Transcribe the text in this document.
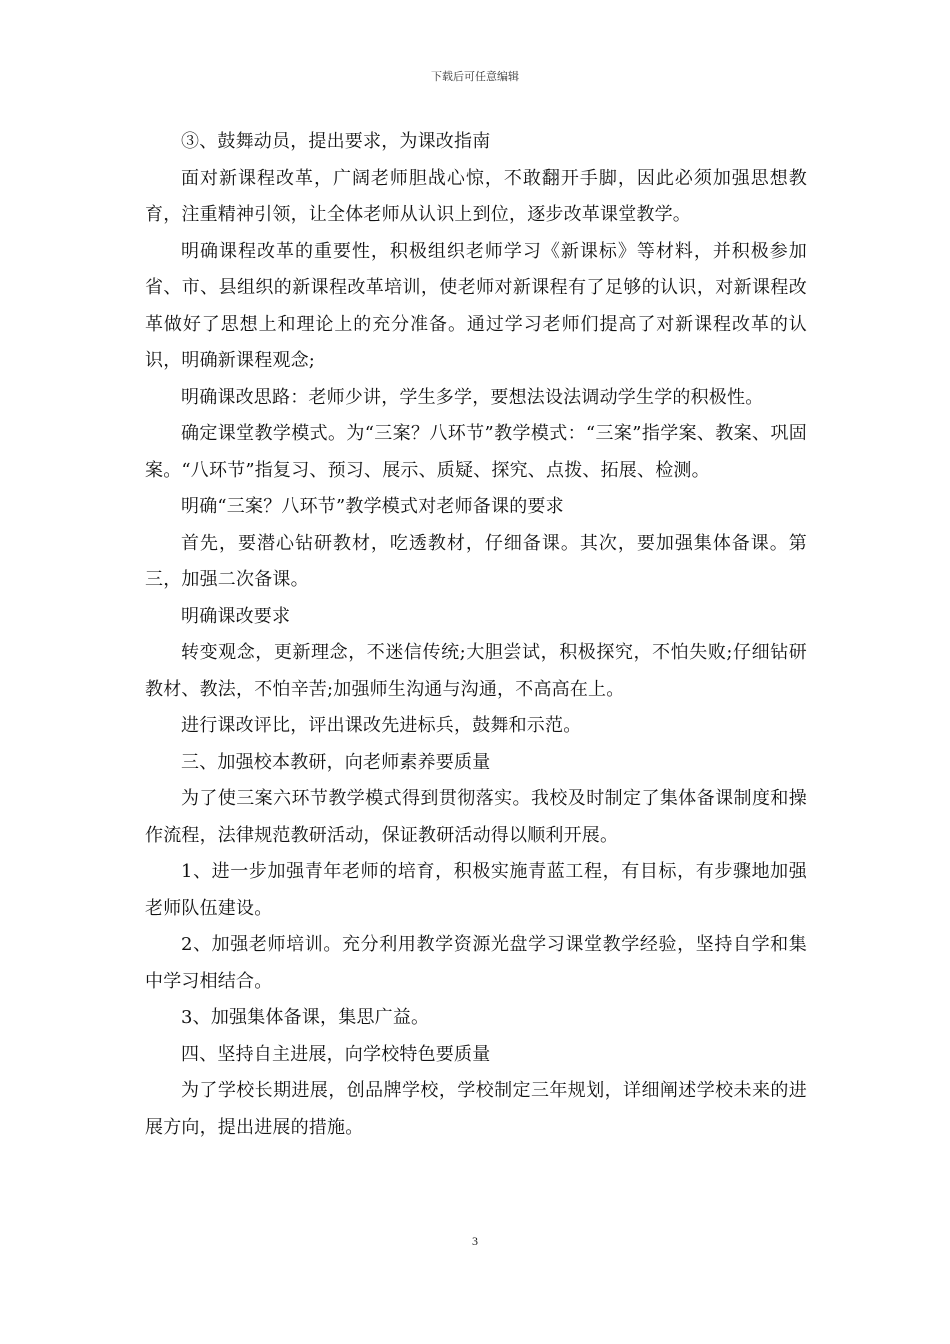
下载后可任意编辑

③、鼓舞动员，提出要求，为课改指南

面对新课程改革，广阔老师胆战心惊，不敢翻开手脚，因此必须加强思想教育，注重精神引领，让全体老师从认识上到位，逐步改革课堂教学。

明确课程改革的重要性，积极组织老师学习《新课标》等材料，并积极参加省、市、县组织的新课程改革培训，使老师对新课程有了足够的认识，对新课程改革做好了思想上和理论上的充分准备。通过学习老师们提高了对新课程改革的认识，明确新课程观念;

明确课改思路：老师少讲，学生多学，要想法设法调动学生学的积极性。

确定课堂教学模式。为“三案？八环节”教学模式：“三案”指学案、教案、巩固案。“八环节”指复习、预习、展示、质疑、探究、点拨、拓展、检测。

明确“三案？八环节”教学模式对老师备课的要求

首先，要潜心钻研教材，吃透教材，仔细备课。其次，要加强集体备课。第三，加强二次备课。

明确课改要求

转变观念，更新理念，不迷信传统;大胆尝试，积极探究，不怕失败;仔细钻研教材、教法，不怕辛苦;加强师生沟通与沟通，不高高在上。

进行课改评比，评出课改先进标兵，鼓舞和示范。

三、加强校本教研，向老师素养要质量

为了使三案六环节教学模式得到贯彻落实。我校及时制定了集体备课制度和操作流程，法律规范教研活动，保证教研活动得以顺利开展。

1、进一步加强青年老师的培育，积极实施青蓝工程，有目标，有步骤地加强老师队伍建设。

2、加强老师培训。充分利用教学资源光盘学习课堂教学经验，坚持自学和集中学习相结合。

3、加强集体备课，集思广益。

四、坚持自主进展，向学校特色要质量

为了学校长期进展，创品牌学校，学校制定三年规划，详细阐述学校未来的进展方向，提出进展的措施。

3
